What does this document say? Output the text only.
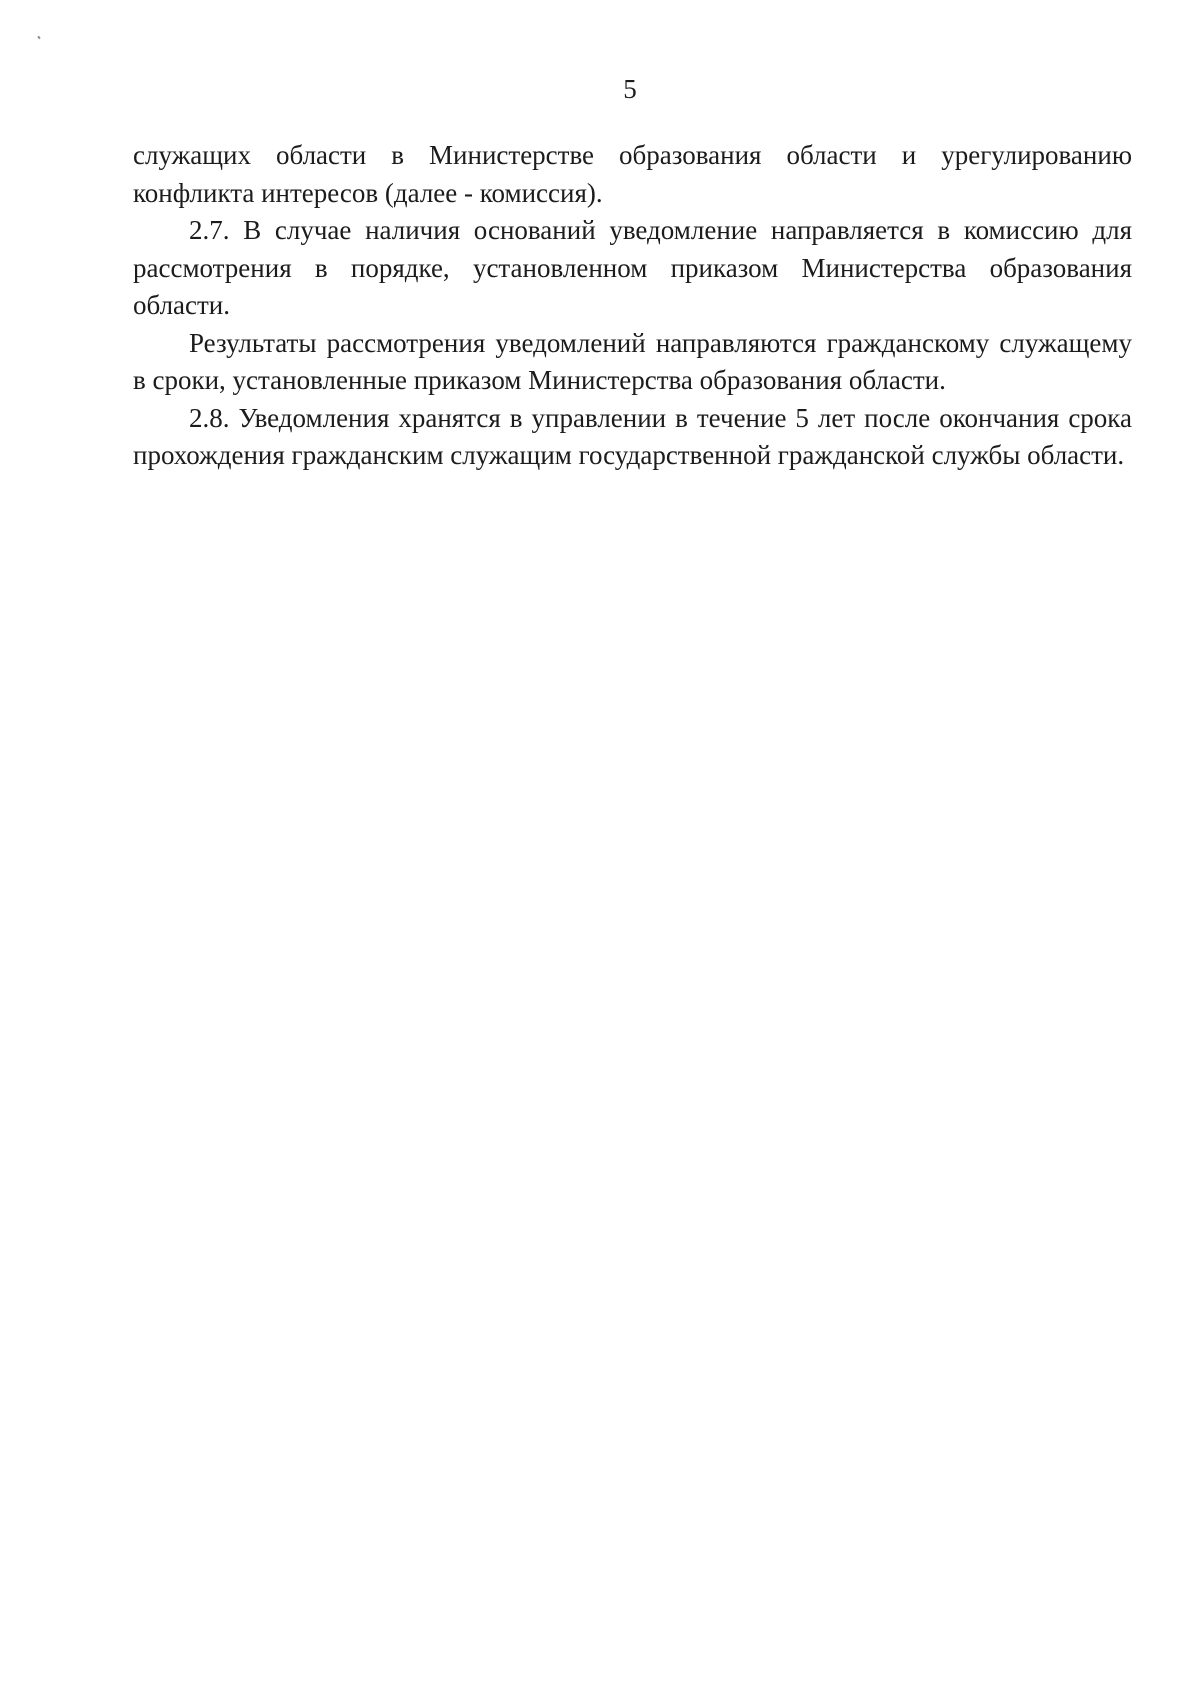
5

служащих области в Министерстве образования области и урегулированию конфликта интересов (далее - комиссия).

2.7. В случае наличия оснований уведомление направляется в комиссию для рассмотрения в порядке, установленном приказом Министерства образования области.

Результаты рассмотрения уведомлений направляются гражданскому служащему в сроки, установленные приказом Министерства образования области.

2.8. Уведомления хранятся в управлении в течение 5 лет после окончания срока прохождения гражданским служащим государственной гражданской службы области.
